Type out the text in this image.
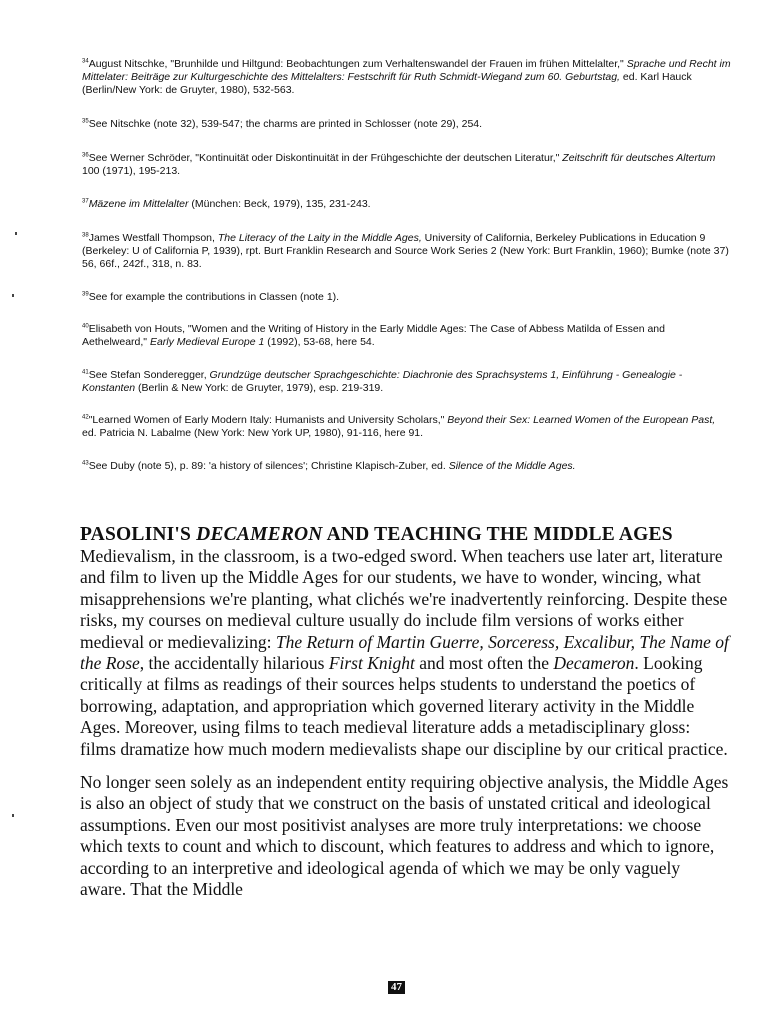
$^{34}$August Nitschke, "Brunhilde und Hiltgund: Beobachtungen zum Verhaltenswandel der Frauen im frühen Mittelalter," Sprache und Recht im Mittelater: Beiträge zur Kulturgeschichte des Mittelalters: Festschrift für Ruth Schmidt-Wiegand zum 60. Geburtstag, ed. Karl Hauck (Berlin/New York: de Gruyter, 1980), 532-563.

$^{35}$See Nitschke (note 32), 539-547; the charms are printed in Schlosser (note 29), 254.

$^{36}$See Werner Schröder, "Kontinuität oder Diskontinuität in der Frühgeschichte der deutschen Literatur," Zeitschrift für deutsches Altertum 100 (1971), 195-213.

$^{37}$Mäzene im Mittelalter (München: Beck, 1979), 135, 231-243.

$^{38}$James Westfall Thompson, The Literacy of the Laity in the Middle Ages, University of California, Berkeley Publications in Education 9 (Berkeley: U of California P, 1939), rpt. Burt Franklin Research and Source Work Series 2 (New York: Burt Franklin, 1960); Bumke (note 37) 56, 66f., 242f., 318, n. 83.

$^{39}$See for example the contributions in Classen (note 1).

$^{40}$Elisabeth von Houts, "Women and the Writing of History in the Early Middle Ages: The Case of Abbess Matilda of Essen and Aethelweard," Early Medieval Europe 1 (1992), 53-68, here 54.

$^{41}$See Stefan Sonderegger, Grundzüge deutscher Sprachgeschichte: Diachronie des Sprachsystems 1, Einführung - Genealogie - Konstanten (Berlin & New York: de Gruyter, 1979), esp. 219-319.

$^{42}$"Learned Women of Early Modern Italy: Humanists and University Scholars," Beyond their Sex: Learned Women of the European Past, ed. Patricia N. Labalme (New York: New York UP, 1980), 91-116, here 91.

$^{43}$See Duby (note 5), p. 89: 'a history of silences'; Christine Klapisch-Zuber, ed. Silence of the Middle Ages.

PASOLINI'S DECAMERON AND TEACHING THE MIDDLE AGES

Medievalism, in the classroom, is a two-edged sword. When teachers use later art, literature and film to liven up the Middle Ages for our students, we have to wonder, wincing, what misapprehensions we're planting, what clichés we're inadvertently reinforcing. Despite these risks, my courses on medieval culture usually do include film versions of works either medieval or medievalizing: The Return of Martin Guerre, Sorceress, Excalibur, The Name of the Rose, the accidentally hilarious First Knight and most often the Decameron. Looking critically at films as readings of their sources helps students to understand the poetics of borrowing, adaptation, and appropriation which governed literary activity in the Middle Ages. Moreover, using films to teach medieval literature adds a metadisciplinary gloss: films dramatize how much modern medievalists shape our discipline by our critical practice.

No longer seen solely as an independent entity requiring objective analysis, the Middle Ages is also an object of study that we construct on the basis of unstated critical and ideological assumptions. Even our most positivist analyses are more truly interpretations: we choose which texts to count and which to discount, which features to address and which to ignore, according to an interpretive and ideological agenda of which we may be only vaguely aware. That the Middle

47
